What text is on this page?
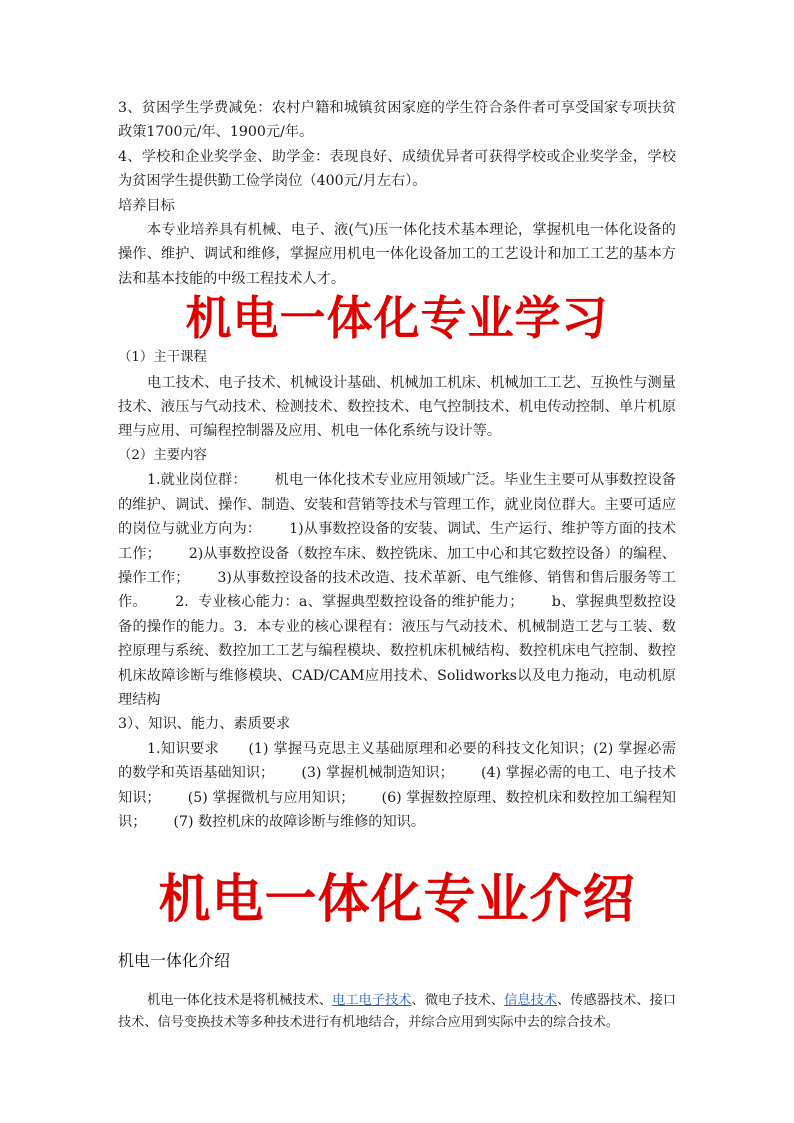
3、贫困学生学费减免：农村户籍和城镇贫困家庭的学生符合条件者可享受国家专项扶贫政策1700元/年、1900元/年。

4、学校和企业奖学金、助学金：表现良好、成绩优异者可获得学校或企业奖学金，学校为贫困学生提供勤工俭学岗位（400元/月左右）。

培养目标

本专业培养具有机械、电子、液(气)压一体化技术基本理论，掌握机电一体化设备的操作、维护、调试和维修，掌握应用机电一体化设备加工的工艺设计和加工工艺的基本方法和基本技能的中级工程技术人才。

机电一体化专业学习

（1）主干课程

电工技术、电子技术、机械设计基础、机械加工机床、机械加工工艺、互换性与测量技术、液压与气动技术、检测技术、数控技术、电气控制技术、机电传动控制、单片机原理与应用、可编程控制器及应用、机电一体化系统与设计等。

（2）主要内容

1.就业岗位群：      机电一体化技术专业应用领域广泛。毕业生主要可从事数控设备的维护、调试、操作、制造、安装和营销等技术与管理工作，就业岗位群大。主要可适应的岗位与就业方向为：      1)从事数控设备的安装、调试、生产运行、维护等方面的技术工作；      2)从事数控设备（数控车床、数控铣床、加工中心和其它数控设备）的编程、操作工作；      3)从事数控设备的技术改造、技术革新、电气维修、销售和售后服务等工作。      2.  专业核心能力：a、掌握典型数控设备的维护能力；      b、掌握典型数控设备的操作的能力。3.  本专业的核心课程有：液压与气动技术、机械制造工艺与工装、数控原理与系统、数控加工工艺与编程模块、数控机床机械结构、数控机床电气控制、数控机床故障诊断与维修模块、CAD/CAM应用技术、Solidworks以及电力拖动，电动机原理结构

3）、知识、能力、素质要求

1.知识要求      (1) 掌握马克思主义基础原理和必要的科技文化知识；(2) 掌握必需的数学和英语基础知识；      (3) 掌握机械制造知识；      (4) 掌握必需的电工、电子技术知识；      (5) 掌握微机与应用知识；      (6) 掌握数控原理、数控机床和数控加工编程知识；      (7) 数控机床的故障诊断与维修的知识。

机电一体化专业介绍
机电一体化介绍

机电一体化技术是将机械技术、电工电子技术、微电子技术、信息技术、传感器技术、接口技术、信号变换技术等多种技术进行有机地结合，并综合应用到实际中去的综合技术。
